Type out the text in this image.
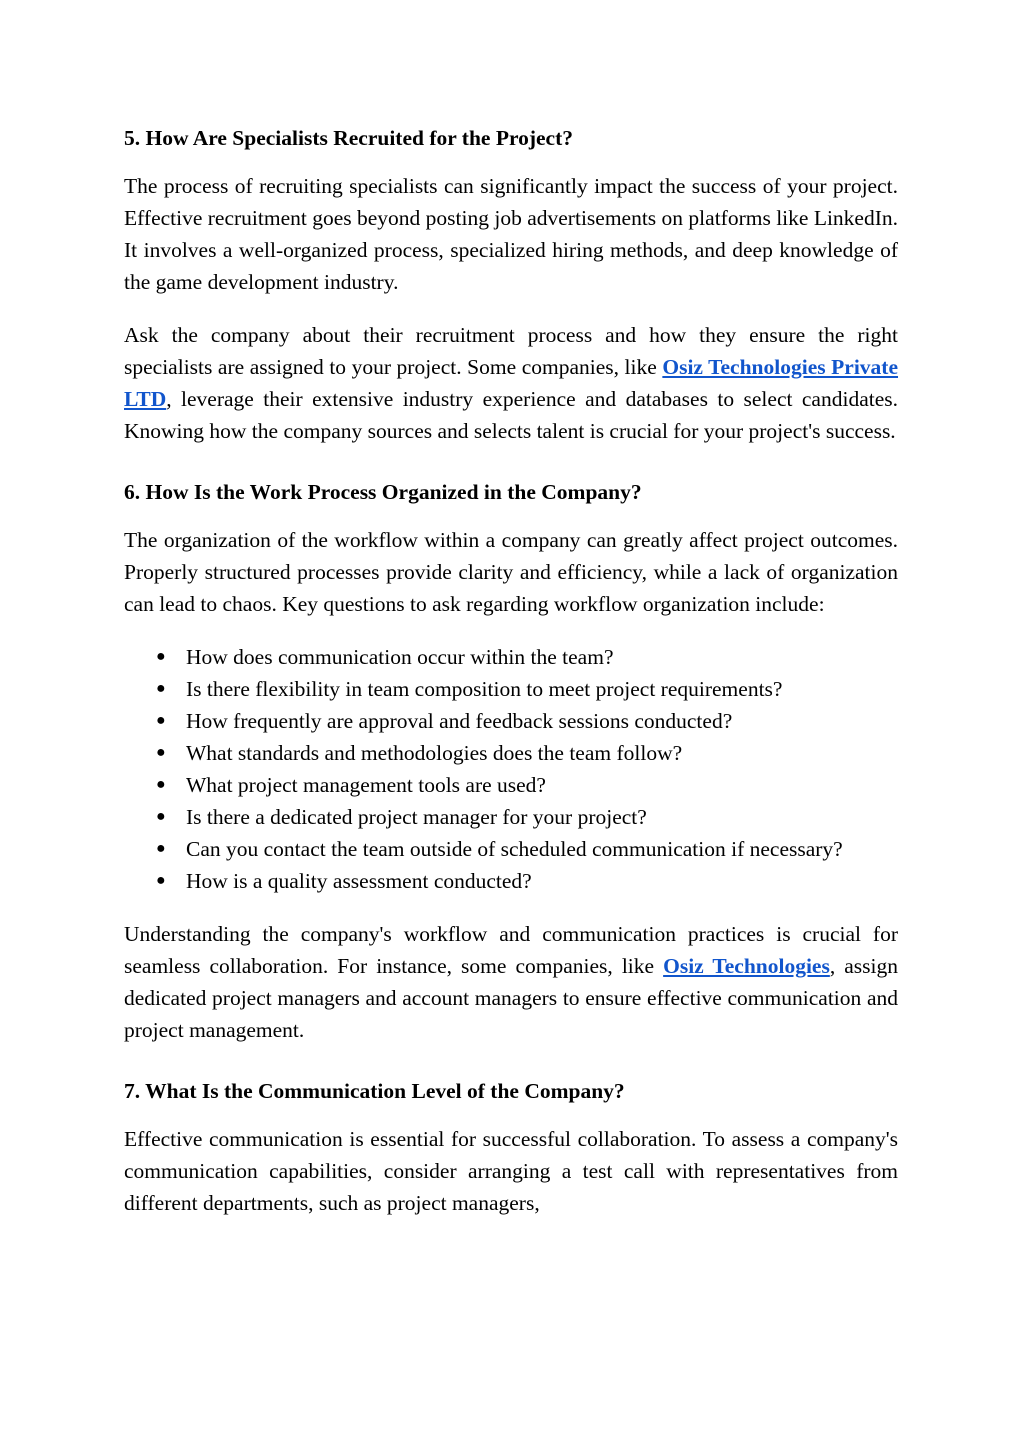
5. How Are Specialists Recruited for the Project?

The process of recruiting specialists can significantly impact the success of your project. Effective recruitment goes beyond posting job advertisements on platforms like LinkedIn. It involves a well-organized process, specialized hiring methods, and deep knowledge of the game development industry.

Ask the company about their recruitment process and how they ensure the right specialists are assigned to your project. Some companies, like Osiz Technologies Private LTD, leverage their extensive industry experience and databases to select candidates. Knowing how the company sources and selects talent is crucial for your project's success.

6. How Is the Work Process Organized in the Company?

The organization of the workflow within a company can greatly affect project outcomes. Properly structured processes provide clarity and efficiency, while a lack of organization can lead to chaos. Key questions to ask regarding workflow organization include:

● How does communication occur within the team?
● Is there flexibility in team composition to meet project requirements?
● How frequently are approval and feedback sessions conducted?
● What standards and methodologies does the team follow?
● What project management tools are used?
● Is there a dedicated project manager for your project?
● Can you contact the team outside of scheduled communication if necessary?
● How is a quality assessment conducted?

Understanding the company's workflow and communication practices is crucial for seamless collaboration. For instance, some companies, like Osiz Technologies, assign dedicated project managers and account managers to ensure effective communication and project management.

7. What Is the Communication Level of the Company?

Effective communication is essential for successful collaboration. To assess a company's communication capabilities, consider arranging a test call with representatives from different departments, such as project managers,
